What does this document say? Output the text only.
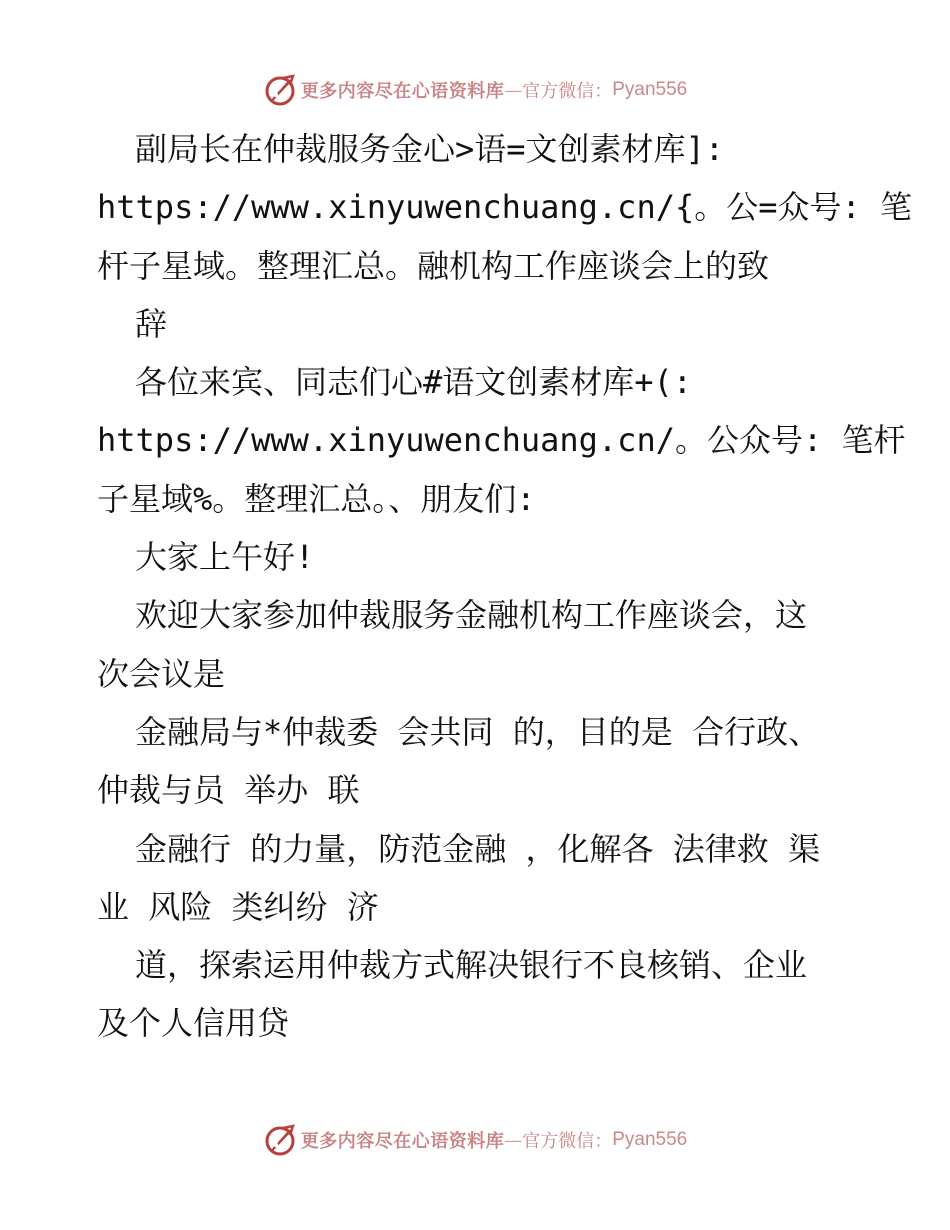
更多内容尽在心语资料库 — 官方微信： Pyan556
副局长在仲裁服务金心>语=文创素材库]:
https://www.xinyuwenchuang.cn/{。公=众号: 笔
杆子星域。整理汇总。融机构工作座谈会上的致
辞
各位来宾、同志们心#语文创素材库+(:
https://www.xinyuwenchuang.cn/。公众号: 笔杆
子星域%。整理汇总。、朋友们:
大家上午好!
欢迎大家参加仲裁服务金融机构工作座谈会，这
次会议是
金融局与*仲裁委 会共同 的，目的是 合行政、
仲裁与员 举办 联
金融行 的力量，防范金融 ，化解各 法律救 渠
业 风险 类纠纷 济
道，探索运用仲裁方式解决银行不良核销、企业
及个人信用贷
更多内容尽在心语资料库 — 官方微信： Pyan556
